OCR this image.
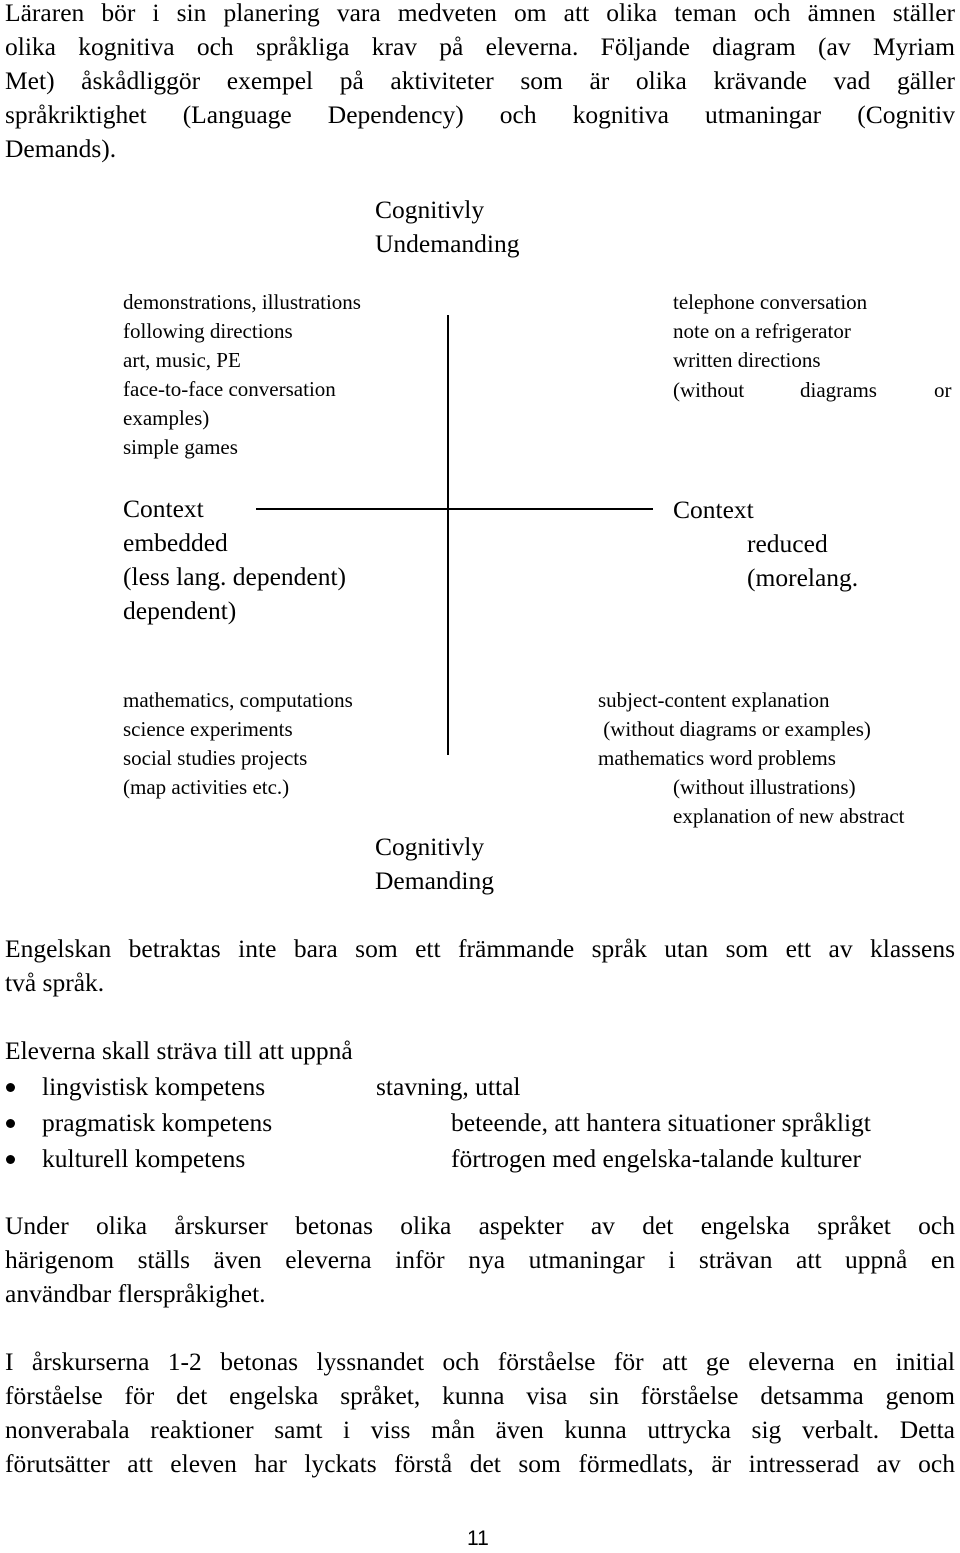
Läraren bör i sin planering vara medveten om att olika teman och ämnen ställer
olika kognitiva och språkliga krav på eleverna. Följande diagram (av Myriam
Met) åskådliggör exempel på aktiviteter som är olika krävande vad gäller
språkriktighet (Language Dependency) och kognitiva utmaningar (Cognitiv
Demands).
Cognitivly
Undemanding
demonstrations, illustrations
following directions
art, music, PE
face-to-face conversation
examples)
simple games
telephone conversation
note on a refrigerator
written directions
(without	diagrams	or
Context
embedded
(less lang. dependent)
dependent)
Context
reduced
(morelang.
mathematics, computations
science experiments
social studies projects
(map activities etc.)
subject-content explanation
(without diagrams or examples)
mathematics word problems
(without illustrations)
explanation of new abstract
Cognitivly
Demanding
Engelskan betraktas inte bara som ett främmande språk utan som ett av klassens
två språk.
Eleverna skall sträva till att uppnå
lingvistisk kompetens	stavning, uttal
pragmatisk kompetens	beteende, att hantera situationer språkligt
kulturell kompetens	förtrogen med engelska-talande kulturer
Under olika årskurser betonas olika aspekter av det engelska språket och
härigenom ställs även eleverna inför nya utmaningar i strävan att uppnå en
användbar flerspråkighet.
I årskurserna 1-2 betonas lyssnandet och förståelse för att ge eleverna en initial
förståelse för det engelska språket, kunna visa sin förståelse detsamma genom
nonverabala reaktioner samt i viss mån även kunna uttrycka sig verbalt. Detta
förutsätter att eleven har lyckats förstå det som förmedlats, är intresserad av och
11
